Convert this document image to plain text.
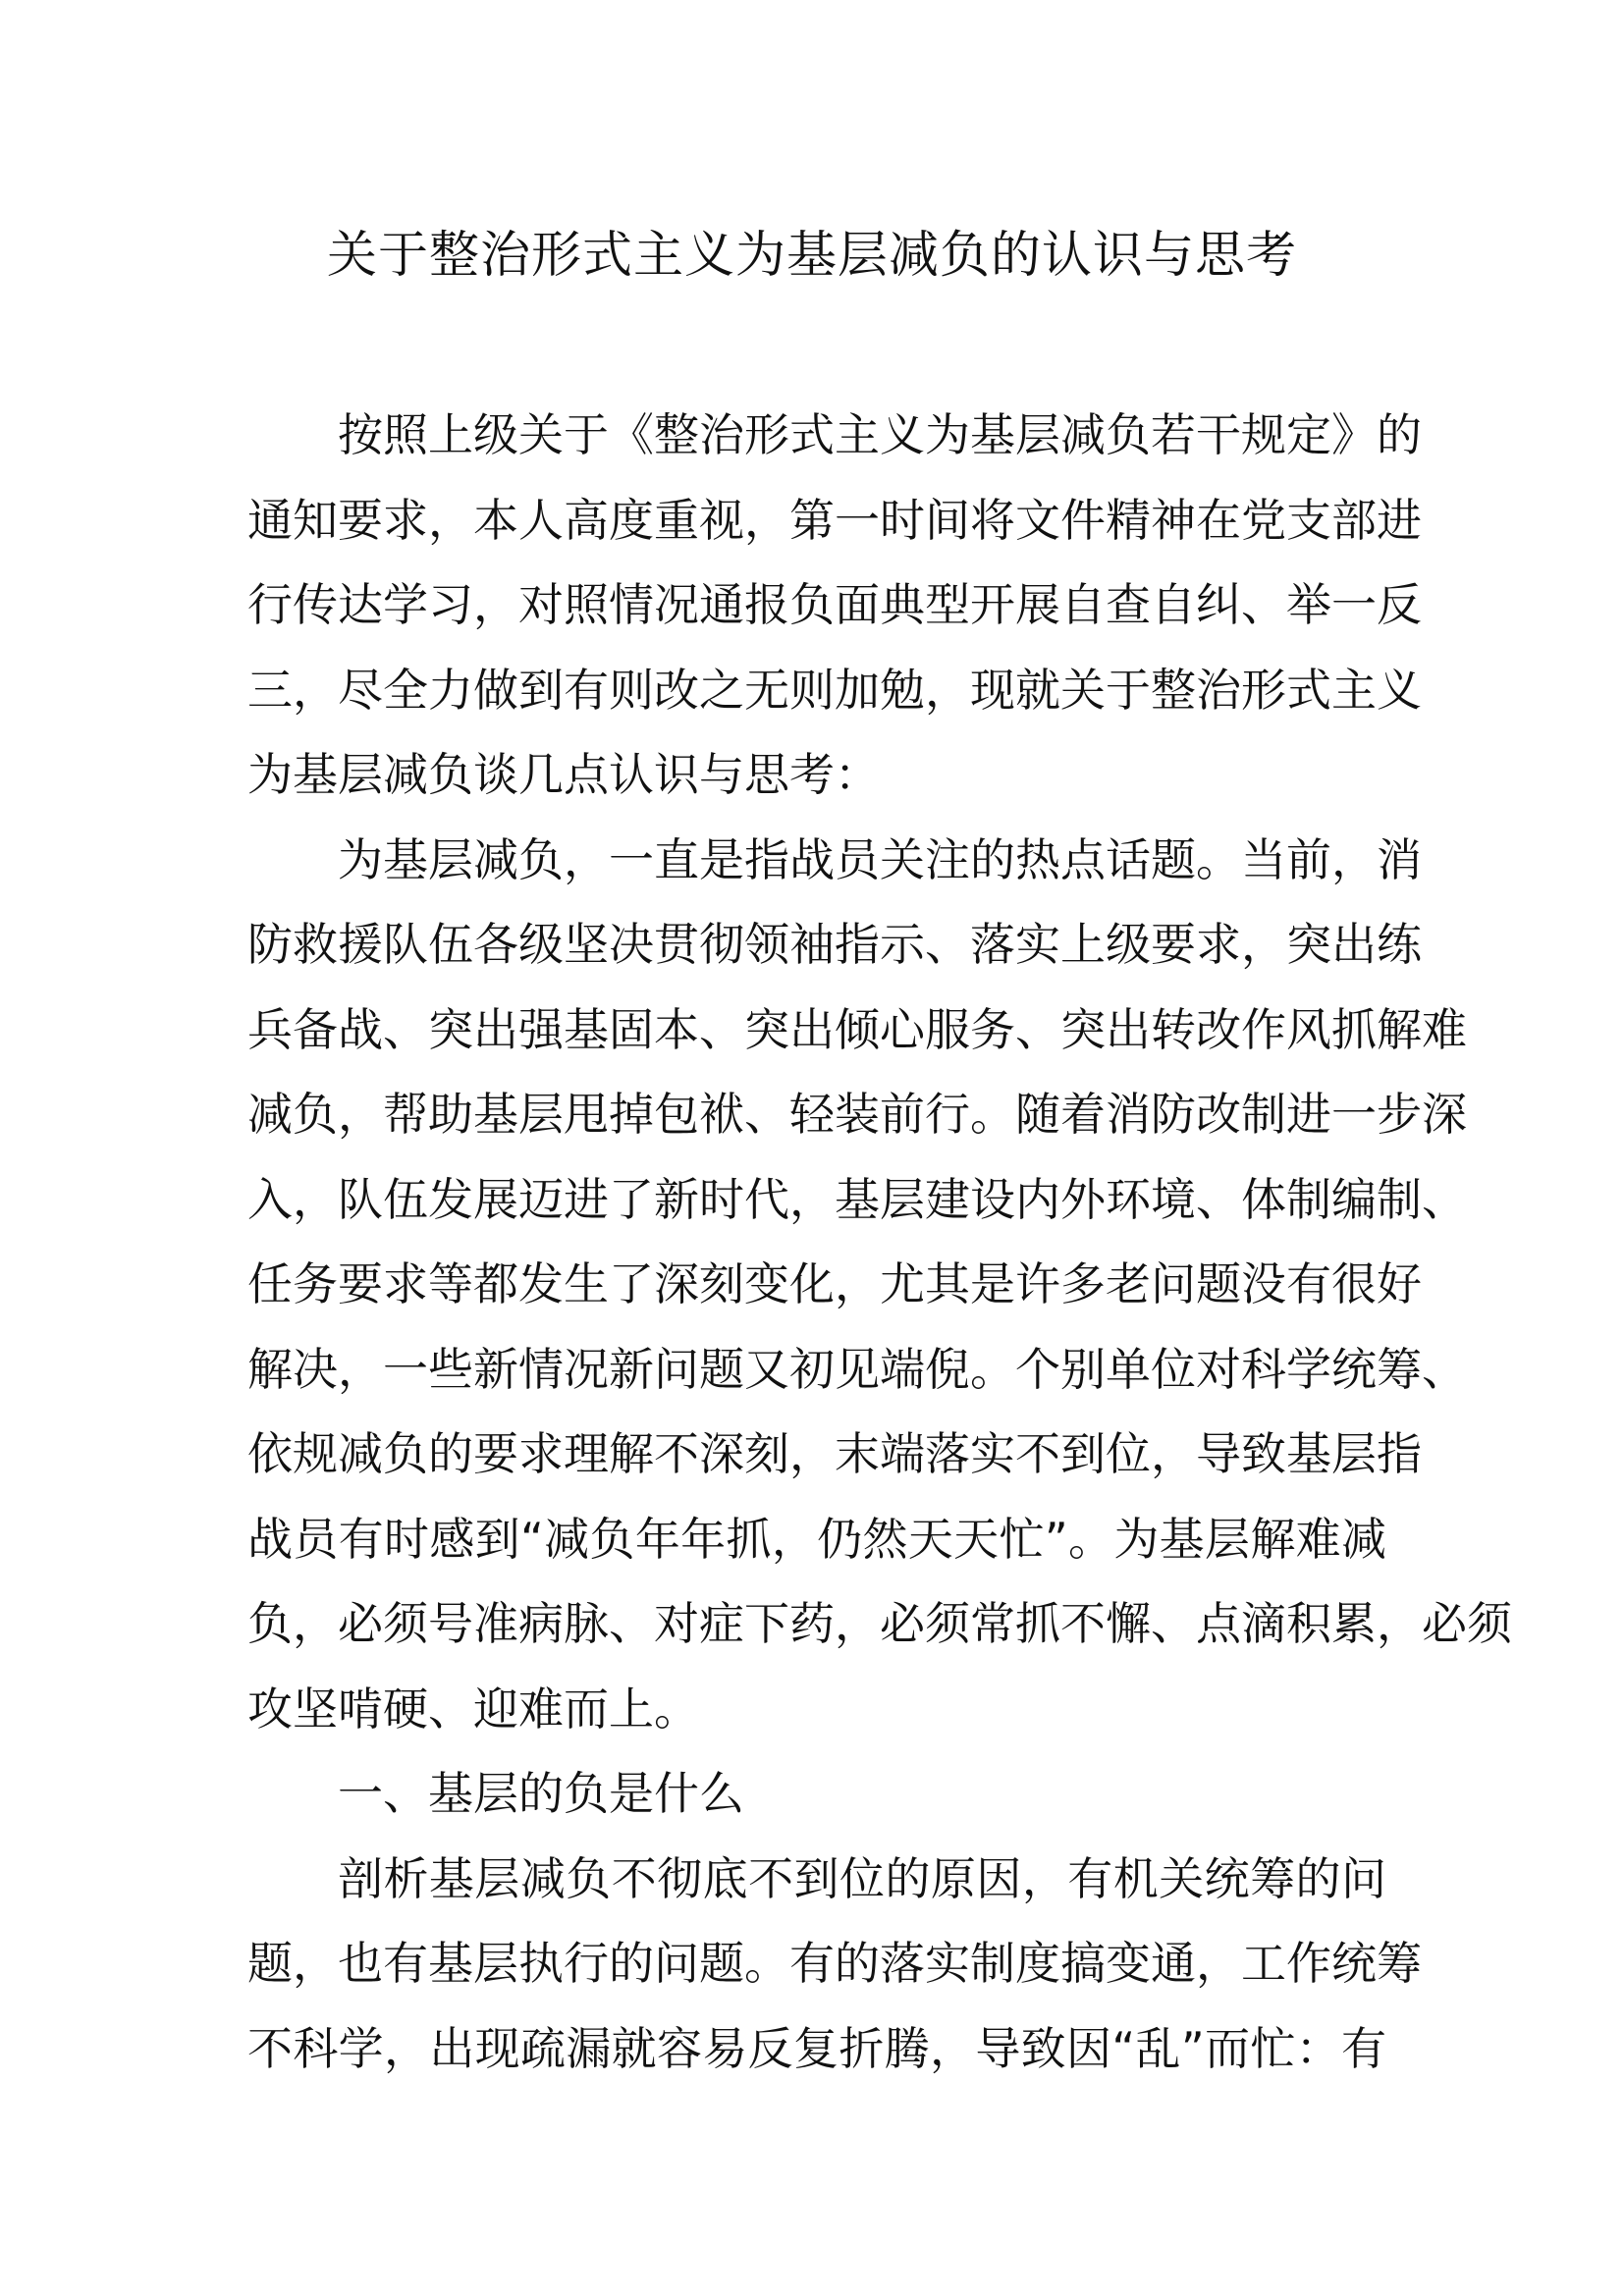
关于整治形式主义为基层减负的认识与思考
按照上级关于《整治形式主义为基层减负若干规定》的
通知要求，本人高度重视，第一时间将文件精神在党支部进
行传达学习，对照情况通报负面典型开展自查自纠、举一反
三，尽全力做到有则改之无则加勉，现就关于整治形式主义
为基层减负谈几点认识与思考：
为基层减负，一直是指战员关注的热点话题。当前，消
防救援队伍各级坚决贯彻领袖指示、落实上级要求，突出练
兵备战、突出强基固本、突出倾心服务、突出转改作风抓解难
减负，帮助基层甩掉包袱、轻装前行。随着消防改制进一步深
入，队伍发展迈进了新时代，基层建设内外环境、体制编制、
任务要求等都发生了深刻变化，尤其是许多老问题没有很好
解决，一些新情况新问题又初见端倪。个别单位对科学统筹、
依规减负的要求理解不深刻，末端落实不到位，导致基层指
战员有时感到“减负年年抓，仍然天天忙”。为基层解难减
负，必须号准病脉、对症下药，必须常抓不懈、点滴积累，必须
攻坚啃硬、迎难而上。
一、基层的负是什么
剖析基层减负不彻底不到位的原因，有机关统筹的问
题，也有基层执行的问题。有的落实制度搞变通，工作统筹
不科学，出现疏漏就容易反复折腾，导致因“乱”而忙：有
